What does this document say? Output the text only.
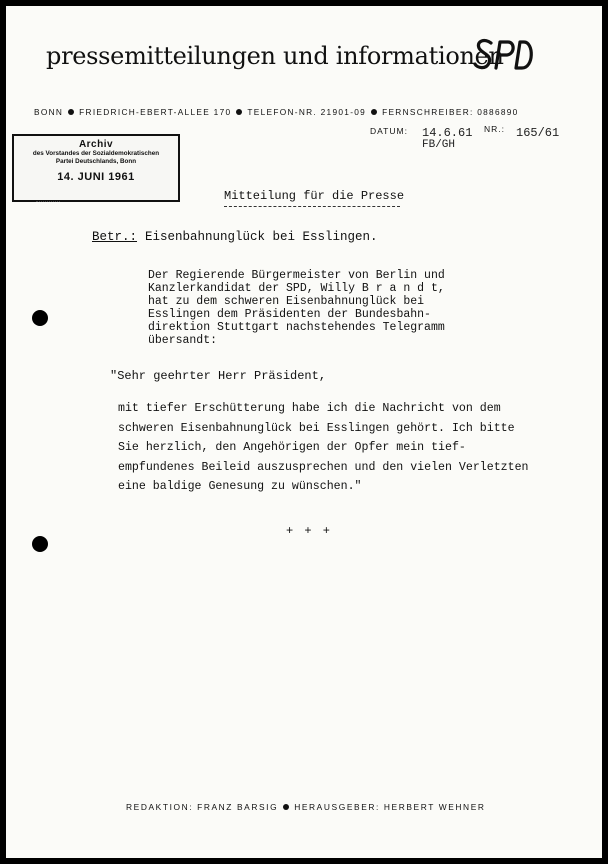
pressemitteilungen und informationen
BONN FRIEDRICH-EBERT-ALLEE 170 TELEFON-NR. 21901-09 FERNSCHREIBER: 0886890
Archiv
des Vorstandes der Sozialdemokratischen
Partei Deutschlands, Bonn
14. JUNI 1961
DATUM: 14.6.61
FB/GH
NR.: 165/61
Mitteilung für die Presse
Betr.: Eisenbahnunglück bei Esslingen.
Der Regierende Bürgermeister von Berlin und
Kanzlerkandidat der SPD, Willy B r a n d t,
hat zu dem schweren Eisenbahnunglück bei
Esslingen dem Präsidenten der Bundesbahn-
direktion Stuttgart nachstehendes Telegramm
übersandt:
"Sehr geehrter Herr Präsident,
mit tiefer Erschütterung habe ich die Nachricht von dem
schweren Eisenbahnunglück bei Esslingen gehört. Ich bitte
Sie herzlich, den Angehörigen der Opfer mein tief-
empfundenes Beileid auszusprechen und den vielen Verletzten
eine baldige Genesung zu wünschen."
+ + +
REDAKTION: FRANZ BARSIG HERAUSGEBER: HERBERT WEHNER
